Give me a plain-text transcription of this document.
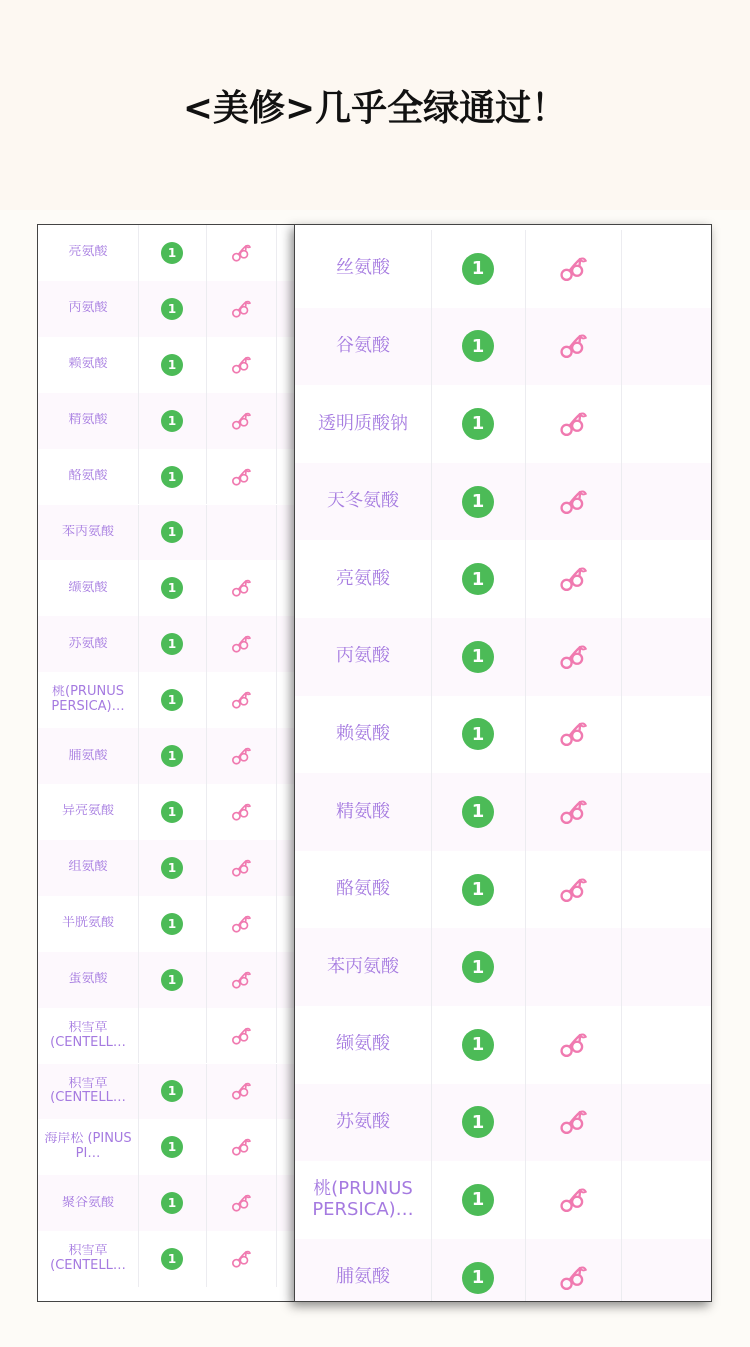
<美修>几乎全绿通过！
亮氨酸	1
丙氨酸	1
赖氨酸	1
精氨酸	1
酪氨酸	1
苯丙氨酸	1
缬氨酸	1
苏氨酸	1
桃(PRUNUS PERSICA)…	1
脯氨酸	1
异亮氨酸	1
组氨酸	1
半胱氨酸	1
蛋氨酸	1
积雪草 (CENTELL…
积雪草 (CENTELL…	1
海岸松 (PINUS PI…	1
聚谷氨酸	1
积雪草 (CENTELL…	1
丝氨酸	1
谷氨酸	1
透明质酸钠	1
天冬氨酸	1
亮氨酸	1
丙氨酸	1
赖氨酸	1
精氨酸	1
酪氨酸	1
苯丙氨酸	1
缬氨酸	1
苏氨酸	1
桃(PRUNUS PERSICA)…	1
脯氨酸	1
